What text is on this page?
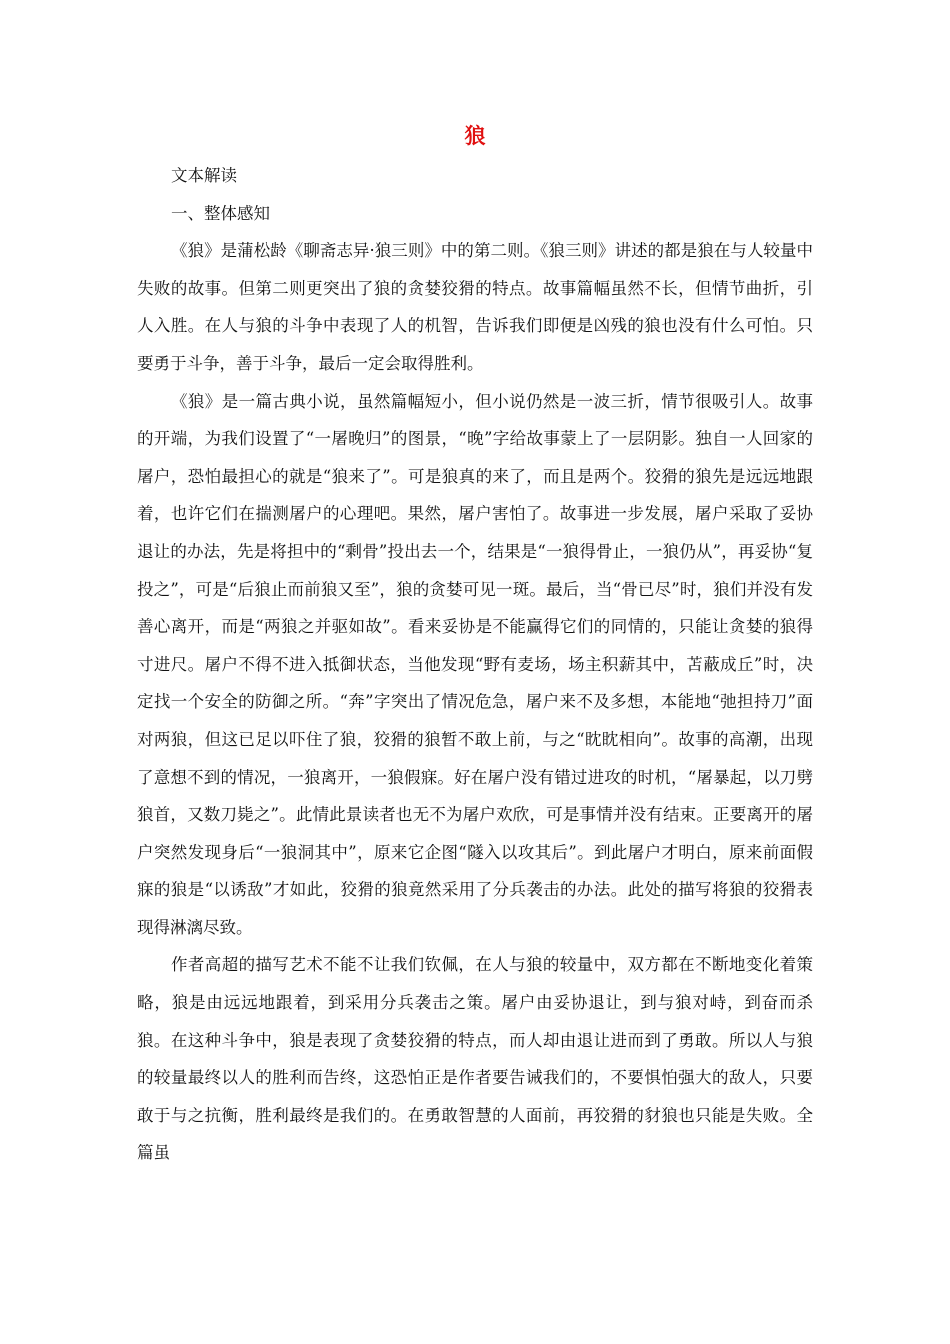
狼

文本解读

一、整体感知

《狼》是蒲松龄《聊斋志异·狼三则》中的第二则。《狼三则》讲述的都是狼在与人较量中失败的故事。但第二则更突出了狼的贪婪狡猾的特点。故事篇幅虽然不长，但情节曲折，引人入胜。在人与狼的斗争中表现了人的机智，告诉我们即便是凶残的狼也没有什么可怕。只要勇于斗争，善于斗争，最后一定会取得胜利。

《狼》是一篇古典小说，虽然篇幅短小，但小说仍然是一波三折，情节很吸引人。故事的开端，为我们设置了“一屠晚归”的图景，“晚”字给故事蒙上了一层阴影。独自一人回家的屠户，恐怕最担心的就是“狼来了”。可是狼真的来了，而且是两个。狡猾的狼先是远远地跟着，也许它们在揣测屠户的心理吧。果然，屠户害怕了。故事进一步发展，屠户采取了妥协退让的办法，先是将担中的“剩骨”投出去一个，结果是“一狼得骨止，一狼仍从”，再妥协“复投之”，可是“后狼止而前狼又至”，狼的贪婪可见一斑。最后，当“骨已尽”时，狼们并没有发善心离开，而是“两狼之并驱如故”。看来妥协是不能赢得它们的同情的，只能让贪婪的狼得寸进尺。屠户不得不进入抵御状态，当他发现“野有麦场，场主积薪其中，苫蔽成丘”时，决定找一个安全的防御之所。“奔”字突出了情况危急，屠户来不及多想，本能地“弛担持刀”面对两狼，但这已足以吓住了狼，狡猾的狼暂不敢上前，与之“眈眈相向”。故事的高潮，出现了意想不到的情况，一狼离开，一狼假寐。好在屠户没有错过进攻的时机，“屠暴起，以刀劈狼首，又数刀毙之”。此情此景读者也无不为屠户欢欣，可是事情并没有结束。正要离开的屠户突然发现身后“一狼洞其中”，原来它企图“隧入以攻其后”。到此屠户才明白，原来前面假寐的狼是“以诱敌”才如此，狡猾的狼竟然采用了分兵袭击的办法。此处的描写将狼的狡猾表现得淋漓尽致。

作者高超的描写艺术不能不让我们钦佩，在人与狼的较量中，双方都在不断地变化着策略，狼是由远远地跟着，到采用分兵袭击之策。屠户由妥协退让，到与狼对峙，到奋而杀狼。在这种斗争中，狼是表现了贪婪狡猾的特点，而人却由退让进而到了勇敢。所以人与狼的较量最终以人的胜利而告终，这恐怕正是作者要告诫我们的，不要惧怕强大的敌人，只要敢于与之抗衡，胜利最终是我们的。在勇敢智慧的人面前，再狡猾的豺狼也只能是失败。全篇虽
